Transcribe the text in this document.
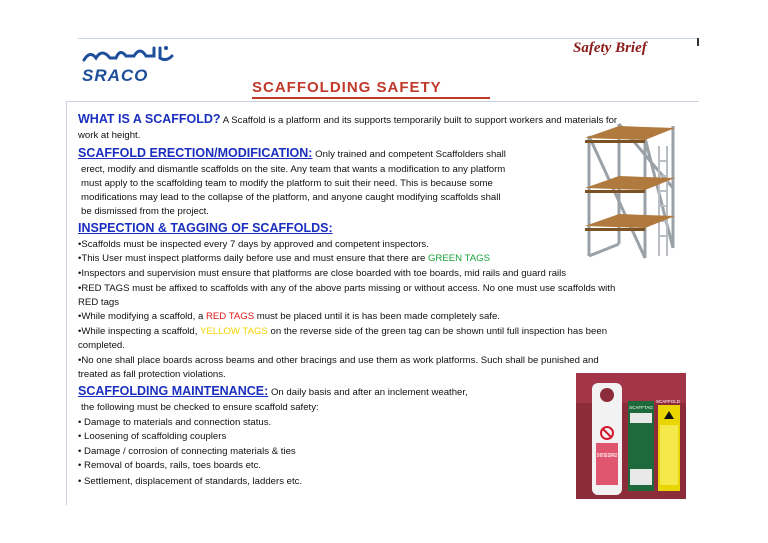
SRACO
Safety Brief
SCAFFOLDING SAFETY
WHAT IS A SCAFFOLD? A Scaffold is a platform and its supports temporarily built to support workers and materials for
work at height.
SCAFFOLD ERECTION/MODIFICATION: Only trained and competent Scaffolders shall
erect, modify and dismantle scaffolds on the site. Any team that wants a modification to any platform
must apply to the scaffolding team to modify the platform to suit their need. This is because some
modifications may lead to the collapse of the platform, and anyone caught modifying scaffolds shall
be dismissed from the project.
INSPECTION & TAGGING OF SCAFFOLDS:
•Scaffolds must be inspected every 7 days by approved and competent inspectors.
•This User must inspect platforms daily before use and must ensure that there are GREEN TAGS
•Inspectors and supervision must ensure that platforms are close boarded with toe boards, mid rails and guard rails
•RED TAGS must be affixed to scaffolds with any of the above parts missing or without access. No one must use scaffolds with
RED tags
•While modifying a scaffold, a RED TAGS must be placed until it is has been made completely safe.
•While inspecting a scaffold, YELLOW TAGS on the reverse side of the green tag can be shown until full inspection has been
completed.
•No one shall place boards across beams and other bracings and use them as work platforms. Such shall be punished and
treated as fall protection violations.
SCAFFOLDING MAINTENANCE: On daily basis and after an inclement weather,
the following must be checked to ensure scaffold safety:
• Damage to materials and connection status.
• Loosening of scaffolding couplers
• Damage / corrosion of connecting materials & ties
• Removal of boards, rails, toes boards etc.
• Settlement, displacement of standards, ladders etc.
DO NOT USE SCAFFOLD
SCAFFTAG
SCAFFOLD
